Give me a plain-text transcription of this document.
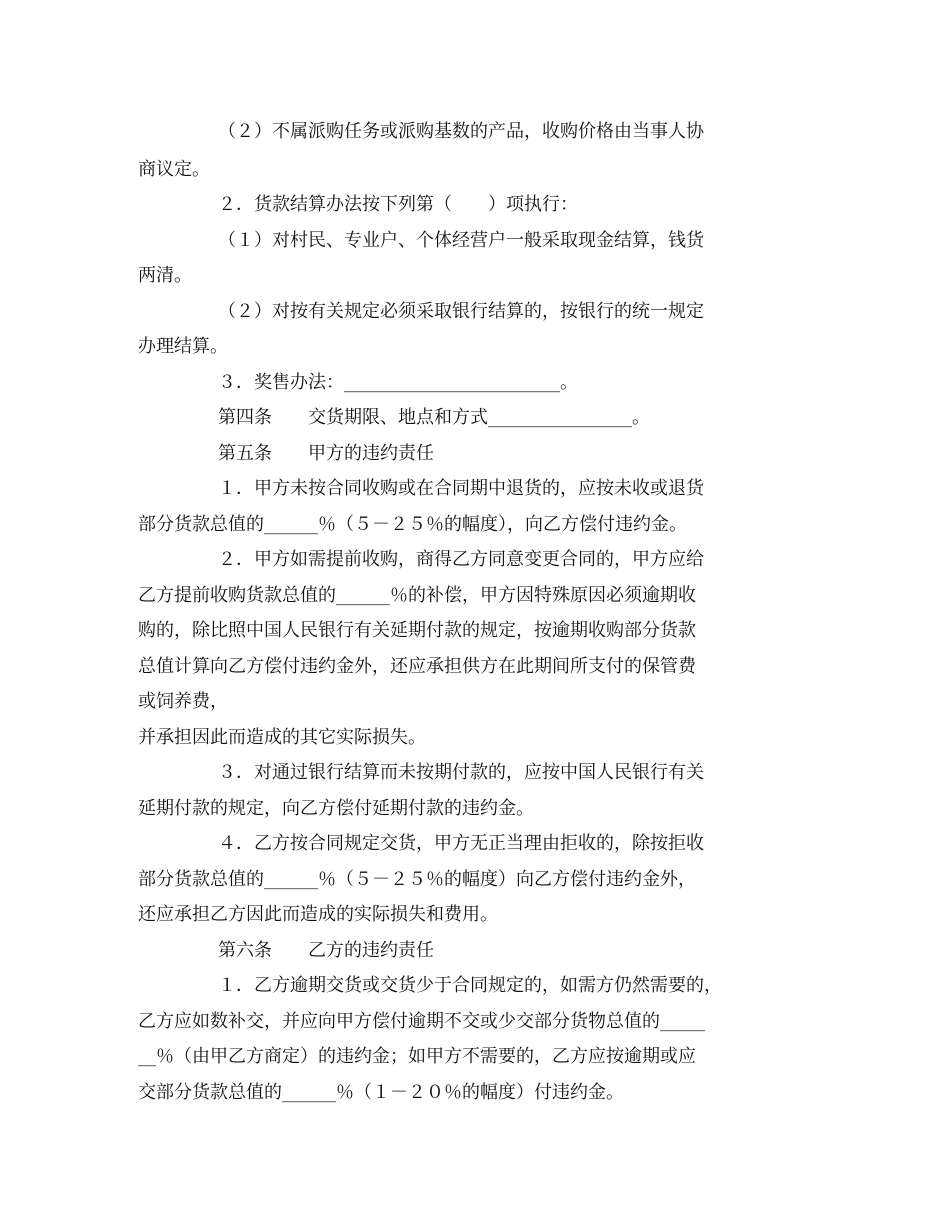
（２）不属派购任务或派购基数的产品，收购价格由当事人协
商议定。
２．货款结算办法按下列第（　　）项执行：
（１）对村民、专业户、个体经营户一般采取现金结算，钱货
两清。
（２）对按有关规定必须采取银行结算的，按银行的统一规定
办理结算。
３．奖售办法：________________________。
第四条　　交货期限、地点和方式________________。
第五条　　甲方的违约责任
１．甲方未按合同收购或在合同期中退货的，应按未收或退货
部分货款总值的______％（５－２５％的幅度），向乙方偿付违约金。
２．甲方如需提前收购，商得乙方同意变更合同的，甲方应给
乙方提前收购货款总值的______％的补偿，甲方因特殊原因必须逾期收
购的，除比照中国人民银行有关延期付款的规定，按逾期收购部分货款
总值计算向乙方偿付违约金外，还应承担供方在此期间所支付的保管费
或饲养费，
并承担因此而造成的其它实际损失。
３．对通过银行结算而未按期付款的，应按中国人民银行有关
延期付款的规定，向乙方偿付延期付款的违约金。
４．乙方按合同规定交货，甲方无正当理由拒收的，除按拒收
部分货款总值的______％（５－２５％的幅度）向乙方偿付违约金外，
还应承担乙方因此而造成的实际损失和费用。
第六条　　乙方的违约责任
１．乙方逾期交货或交货少于合同规定的，如需方仍然需要的，
乙方应如数补交，并应向甲方偿付逾期不交或少交部分货物总值的_____
__％（由甲乙方商定）的违约金；如甲方不需要的，乙方应按逾期或应
交部分货款总值的______％（１－２０％的幅度）付违约金。
